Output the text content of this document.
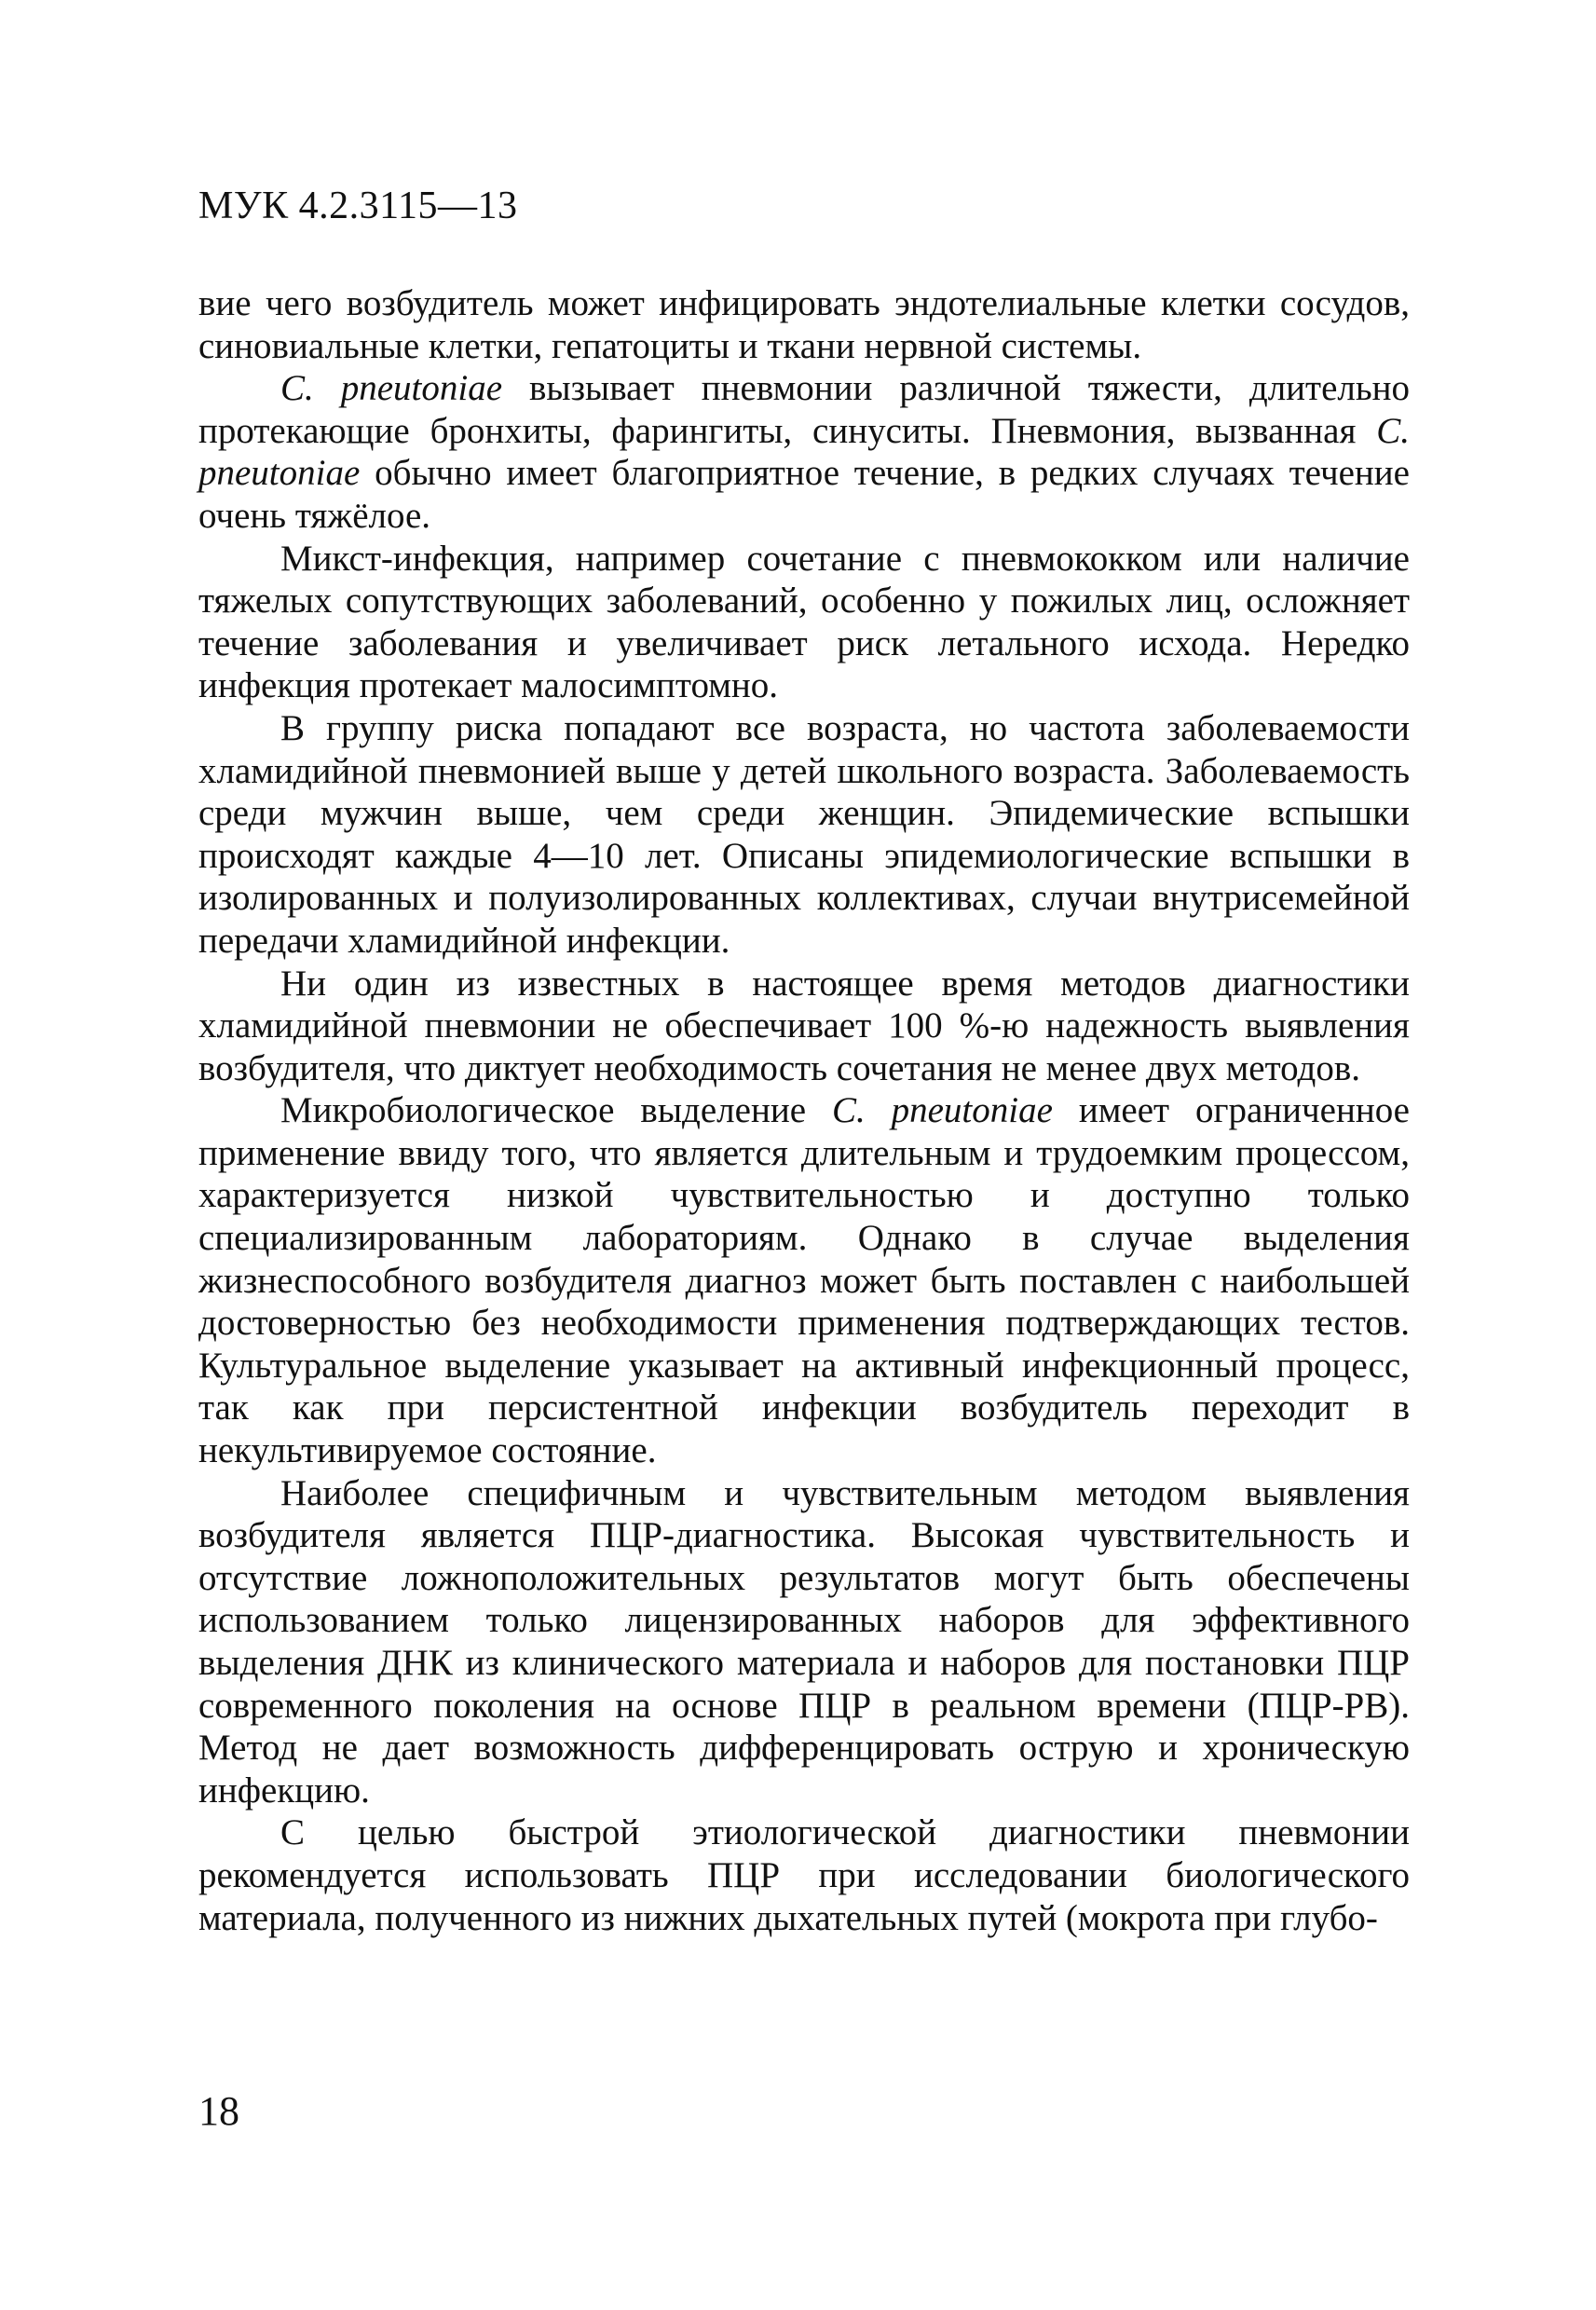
МУК 4.2.3115—13

вие чего возбудитель может инфицировать эндотелиальные клетки сосудов, синовиальные клетки, гепатоциты и ткани нервной системы.

C. pneutoniae вызывает пневмонии различной тяжести, длительно протекающие бронхиты, фарингиты, синуситы. Пневмония, вызванная C. pneutoniae обычно имеет благоприятное течение, в редких случаях течение очень тяжёлое.

Микст-инфекция, например сочетание с пневмококком или наличие тяжелых сопутствующих заболеваний, особенно у пожилых лиц, осложняет течение заболевания и увеличивает риск летального исхода. Нередко инфекция протекает малосимптомно.

В группу риска попадают все возраста, но частота заболеваемости хламидийной пневмонией выше у детей школьного возраста. Заболеваемость среди мужчин выше, чем среди женщин. Эпидемические вспышки происходят каждые 4—10 лет. Описаны эпидемиологические вспышки в изолированных и полуизолированных коллективах, случаи внутрисемейной передачи хламидийной инфекции.

Ни один из известных в настоящее время методов диагностики хламидийной пневмонии не обеспечивает 100 %-ю надежность выявления возбудителя, что диктует необходимость сочетания не менее двух методов.

Микробиологическое выделение C. pneutoniae имеет ограниченное применение ввиду того, что является длительным и трудоемким процессом, характеризуется низкой чувствительностью и доступно только специализированным лабораториям. Однако в случае выделения жизнеспособного возбудителя диагноз может быть поставлен с наибольшей достоверностью без необходимости применения подтверждающих тестов. Культуральное выделение указывает на активный инфекционный процесс, так как при персистентной инфекции возбудитель переходит в некультивируемое состояние.

Наиболее специфичным и чувствительным методом выявления возбудителя является ПЦР-диагностика. Высокая чувствительность и отсутствие ложноположительных результатов могут быть обеспечены использованием только лицензированных наборов для эффективного выделения ДНК из клинического материала и наборов для постановки ПЦР современного поколения на основе ПЦР в реальном времени (ПЦР-РВ). Метод не дает возможность дифференцировать острую и хроническую инфекцию.

С целью быстрой этиологической диагностики пневмонии рекомендуется использовать ПЦР при исследовании биологического материала, полученного из нижних дыхательных путей (мокрота при глубо-

18
